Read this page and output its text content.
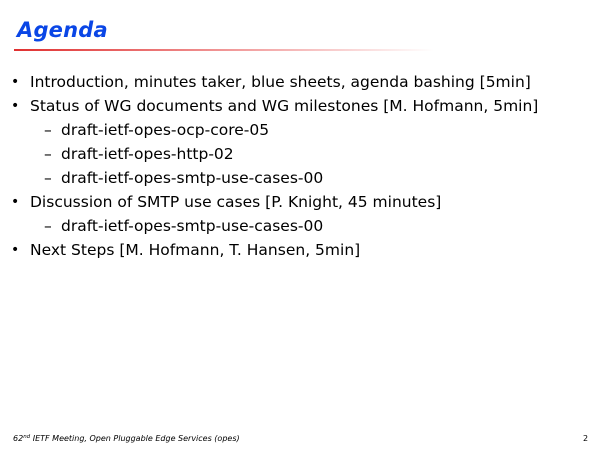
Agenda
• Introduction, minutes taker, blue sheets, agenda bashing [5min]
• Status of WG documents and WG milestones [M. Hofmann, 5min]
– draft-ietf-opes-ocp-core-05
– draft-ietf-opes-http-02
– draft-ietf-opes-smtp-use-cases-00
• Discussion of SMTP use cases [P. Knight, 45 minutes]
– draft-ietf-opes-smtp-use-cases-00
• Next Steps [M. Hofmann, T. Hansen, 5min]
62nd IETF Meeting, Open Pluggable Edge Services (opes)	2
